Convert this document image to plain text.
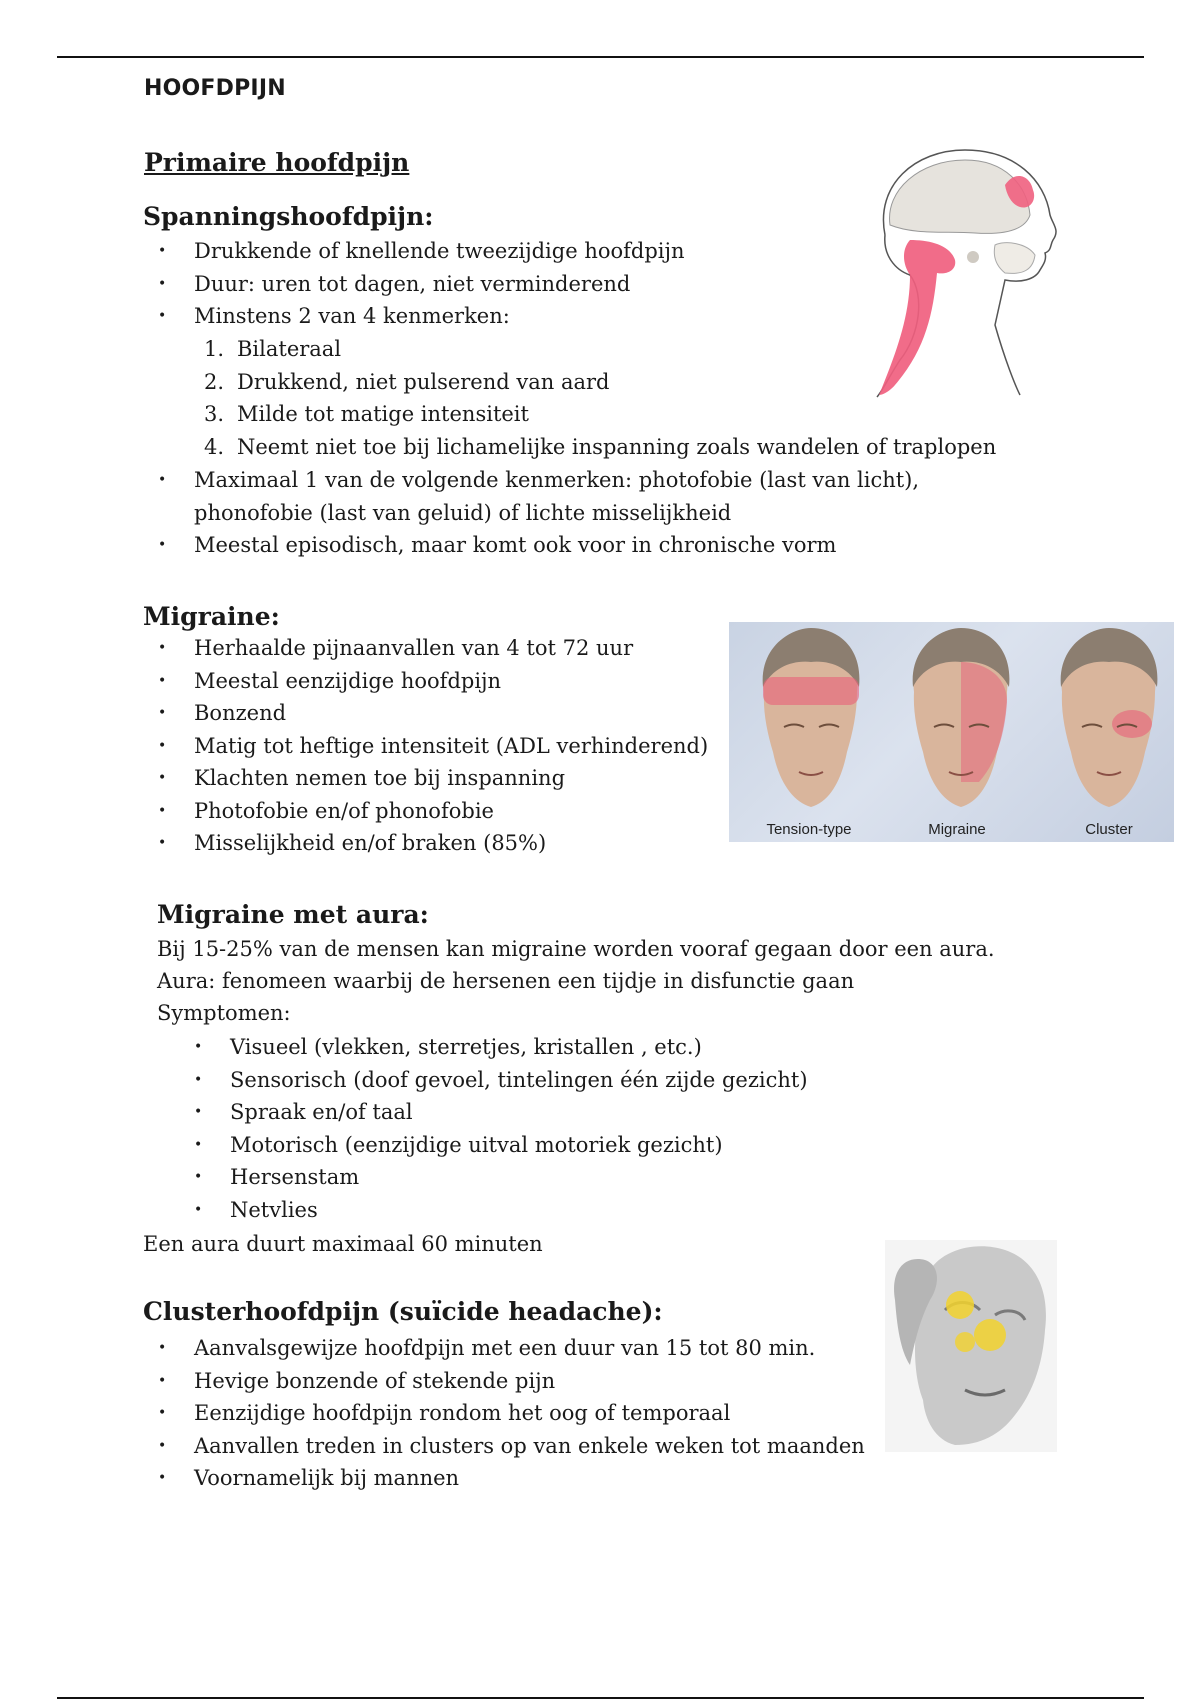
HOOFDPIJN
Primaire hoofdpijn
Spanningshoofdpijn:
• Drukkende of knellende tweezijdige hoofdpijn
• Duur: uren tot dagen, niet verminderend
• Minstens 2 van 4 kenmerken:
1. Bilateraal
2. Drukkend, niet pulserend van aard
3. Milde tot matige intensiteit
4. Neemt niet toe bij lichamelijke inspanning zoals wandelen of traplopen
• Maximaal 1 van de volgende kenmerken: photofobie (last van licht), phonofobie (last van geluid) of lichte misselijkheid
• Meestal episodisch, maar komt ook voor in chronische vorm
Migraine:
• Herhaalde pijnaanvallen van 4 tot 72 uur
• Meestal eenzijdige hoofdpijn
• Bonzend
• Matig tot heftige intensiteit (ADL verhinderend)
• Klachten nemen toe bij inspanning
• Photofobie en/of phonofobie
• Misselijkheid en/of braken (85%)
Tension-type	Migraine	Cluster
Migraine met aura:
Bij 15-25% van de mensen kan migraine worden vooraf gegaan door een aura.
Aura: fenomeen waarbij de hersenen een tijdje in disfunctie gaan
Symptomen:
• Visueel (vlekken, sterretjes, kristallen , etc.)
• Sensorisch (doof gevoel, tintelingen één zijde gezicht)
• Spraak en/of taal
• Motorisch (eenzijdige uitval motoriek gezicht)
• Hersenstam
• Netvlies
Een aura duurt maximaal 60 minuten
Clusterhoofdpijn (suïcide headache):
• Aanvalsgewijze hoofdpijn met een duur van 15 tot 80 min.
• Hevige bonzende of stekende pijn
• Eenzijdige hoofdpijn rondom het oog of temporaal
• Aanvallen treden in clusters op van enkele weken tot maanden
• Voornamelijk bij mannen
